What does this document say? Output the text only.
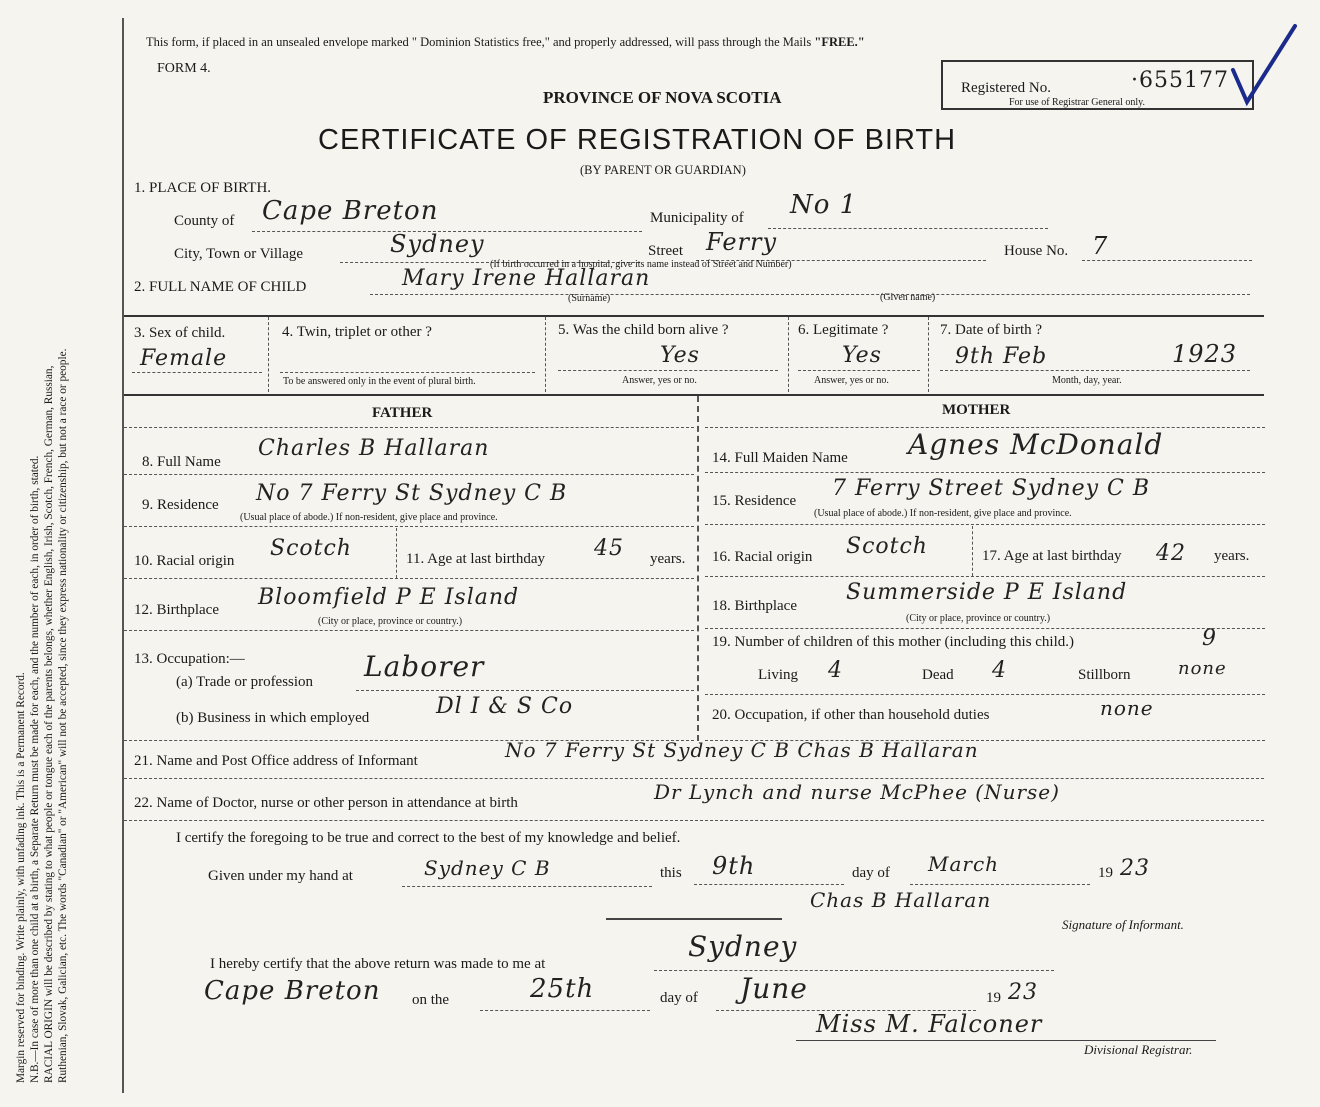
Margin reserved for binding. Write plainly, with unfading ink. This is a Permanent Record. N.B.—In case of more than one child at a birth, a Separate Return must be made for each, and the number of each, in order of birth, stated. RACIAL ORIGIN will be described by stating to what people or tongue each of the parents belongs, whether English, Irish, Scotch, French, German, Russian, Ruthenian, Slovak, Galician, etc. The words "Canadian" or "American" will not be accepted, since they express nationality or citizenship, but not a race or people.
This form, if placed in an unsealed envelope marked " Dominion Statistics free," and properly addressed, will pass through the Mails "FREE."
FORM 4.
PROVINCE OF NOVA SCOTIA
CERTIFICATE OF REGISTRATION OF BIRTH
(BY PARENT OR GUARDIAN)
Registered No.	·655177
For use of Registrar General only.
1. PLACE OF BIRTH.
County of Cape Breton	Municipality of No 1
City, Town or Village	Sydney	Street Ferry
(If birth occurred in a hospital, give its name instead of Street and Number)
House No. 7
2. FULL NAME OF CHILD	Mary Irene Hallaran
(Surname)	(Given name)
3. Sex of child.
Female
4. Twin, triplet or other ?
To be answered only in the event of plural birth.
5. Was the child born alive ?
Yes
Answer, yes or no.
6. Legitimate ?
Yes
Answer, yes or no.
7. Date of birth ?
9th Feb	1923
Month, day, year.
FATHER	MOTHER
8. Full Name
Charles B Hallaran
9. Residence No 7 Ferry St Sydney C B
(Usual place of abode.) If non-resident, give place and province.
10. Racial origin Scotch	11. Age at last birthday 45 years.
12. Birthplace Bloomfield P E Island
(City or place, province or country.)
13. Occupation:—
(a) Trade or profession Laborer
(b) Business in which employed	Dl I & S Co
14. Full Maiden Name Agnes McDonald
15. Residence 7 Ferry Street Sydney C B
(Usual place of abode.) If non-resident, give place and province.
16. Racial origin Scotch	17. Age at last birthday 42 years.
18. Birthplace
Summerside P E Island
(City or place, province or country.)
19. Number of children of this mother (including this child.)	9
Living 4	Dead 4	Stillborn	none
20. Occupation, if other than household duties	none
21. Name and Post Office address of Informant	No 7 Ferry St Sydney C B Chas B Hallaran
22. Name of Doctor, nurse or other person in attendance at birth	Dr Lynch and nurse McPhee (Nurse)
I certify the foregoing to be true and correct to the best of my knowledge and belief.
Given under my hand at	Sydney C B	this 9th	day of March	19 23
Chas B Hallaran
Signature of Informant.
I hereby certify that the above return was made to me at
Sydney
Cape Breton on the	25th	day of June	19 23
Miss M. Falconer
Divisional Registrar.
